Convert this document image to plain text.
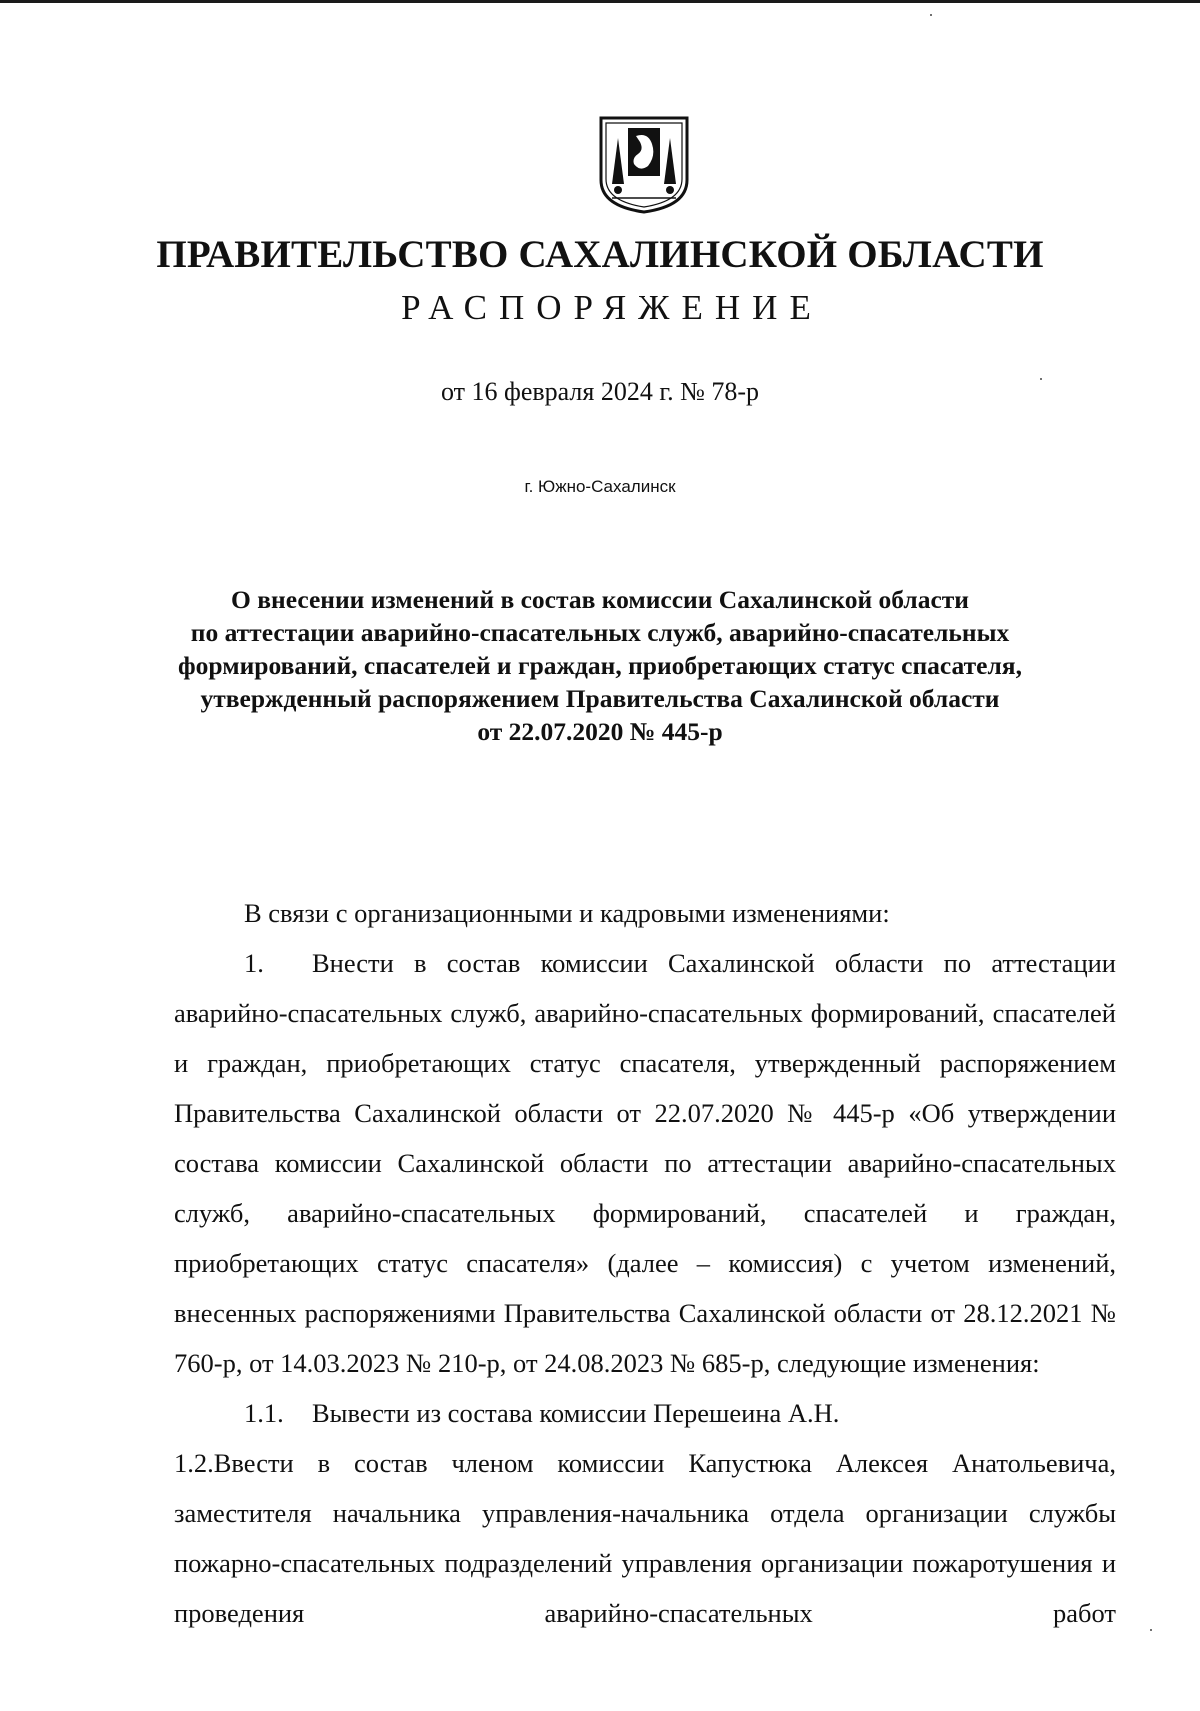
ПРАВИТЕЛЬСТВО САХАЛИНСКОЙ ОБЛАСТИ
РАСПОРЯЖЕНИЕ
от 16 февраля 2024 г. № 78-р
г. Южно-Сахалинск
О внесении изменений в состав комиссии Сахалинской области
по аттестации аварийно-спасательных служб, аварийно-спасательных
формирований, спасателей и граждан, приобретающих статус спасателя,
утвержденный распоряжением Правительства Сахалинской области
от 22.07.2020 № 445-р

В связи с организационными и кадровыми изменениями:

1. Внести в состав комиссии Сахалинской области по аттестации аварийно-спасательных служб, аварийно-спасательных формирований, спасателей и граждан, приобретающих статус спасателя, утвержденный распоряжением Правительства Сахалинской области от 22.07.2020 № 445-р «Об утверждении состава комиссии Сахалинской области по аттестации аварийно-спасательных служб, аварийно-спасательных формирований, спасателей и граждан, приобретающих статус спасателя» (далее – комиссия) с учетом изменений, внесенных распоряжениями Правительства Сахалинской области от 28.12.2021 № 760-р, от 14.03.2023 № 210-р, от 24.08.2023 № 685-р, следующие изменения:

1.1. Вывести из состава комиссии Перешеина А.Н.

1.2.Ввести в состав членом комиссии Капустюка Алексея Анатольевича, заместителя начальника управления-начальника отдела организации службы пожарно-спасательных подразделений управления организации пожаротушения и проведения аварийно-спасательных работ
